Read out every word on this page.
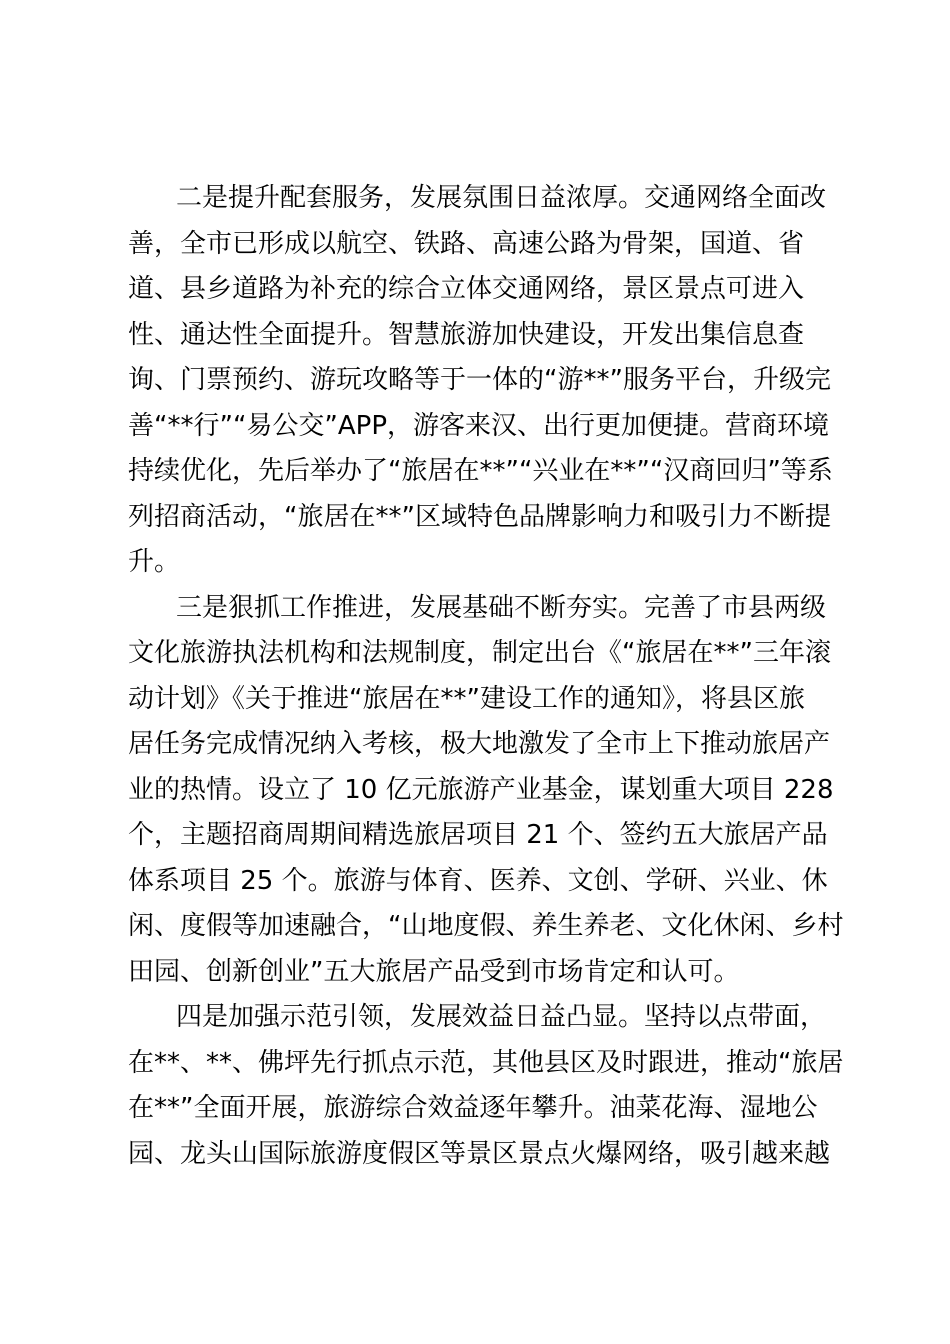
二是提升配套服务，发展氛围日益浓厚。交通网络全面改
善，全市已形成以航空、铁路、高速公路为骨架，国道、省
道、县乡道路为补充的综合立体交通网络，景区景点可进入
性、通达性全面提升。智慧旅游加快建设，开发出集信息查
询、门票预约、游玩攻略等于一体的“游**”服务平台，升级完
善“**行”“易公交”APP，游客来汉、出行更加便捷。营商环境
持续优化，先后举办了“旅居在**”“兴业在**”“汉商回归”等系
列招商活动，“旅居在**”区域特色品牌影响力和吸引力不断提
升。
三是狠抓工作推进，发展基础不断夯实。完善了市县两级
文化旅游执法机构和法规制度，制定出台《“旅居在**”三年滚
动计划》《关于推进“旅居在**”建设工作的通知》，将县区旅
居任务完成情况纳入考核，极大地激发了全市上下推动旅居产
业的热情。设立了 10 亿元旅游产业基金，谋划重大项目 228
个，主题招商周期间精选旅居项目 21 个、签约五大旅居产品
体系项目 25 个。旅游与体育、医养、文创、学研、兴业、休
闲、度假等加速融合，“山地度假、养生养老、文化休闲、乡村
田园、创新创业”五大旅居产品受到市场肯定和认可。
四是加强示范引领，发展效益日益凸显。坚持以点带面，
在**、**、佛坪先行抓点示范，其他县区及时跟进，推动“旅居
在**”全面开展，旅游综合效益逐年攀升。油菜花海、湿地公
园、龙头山国际旅游度假区等景区景点火爆网络，吸引越来越
